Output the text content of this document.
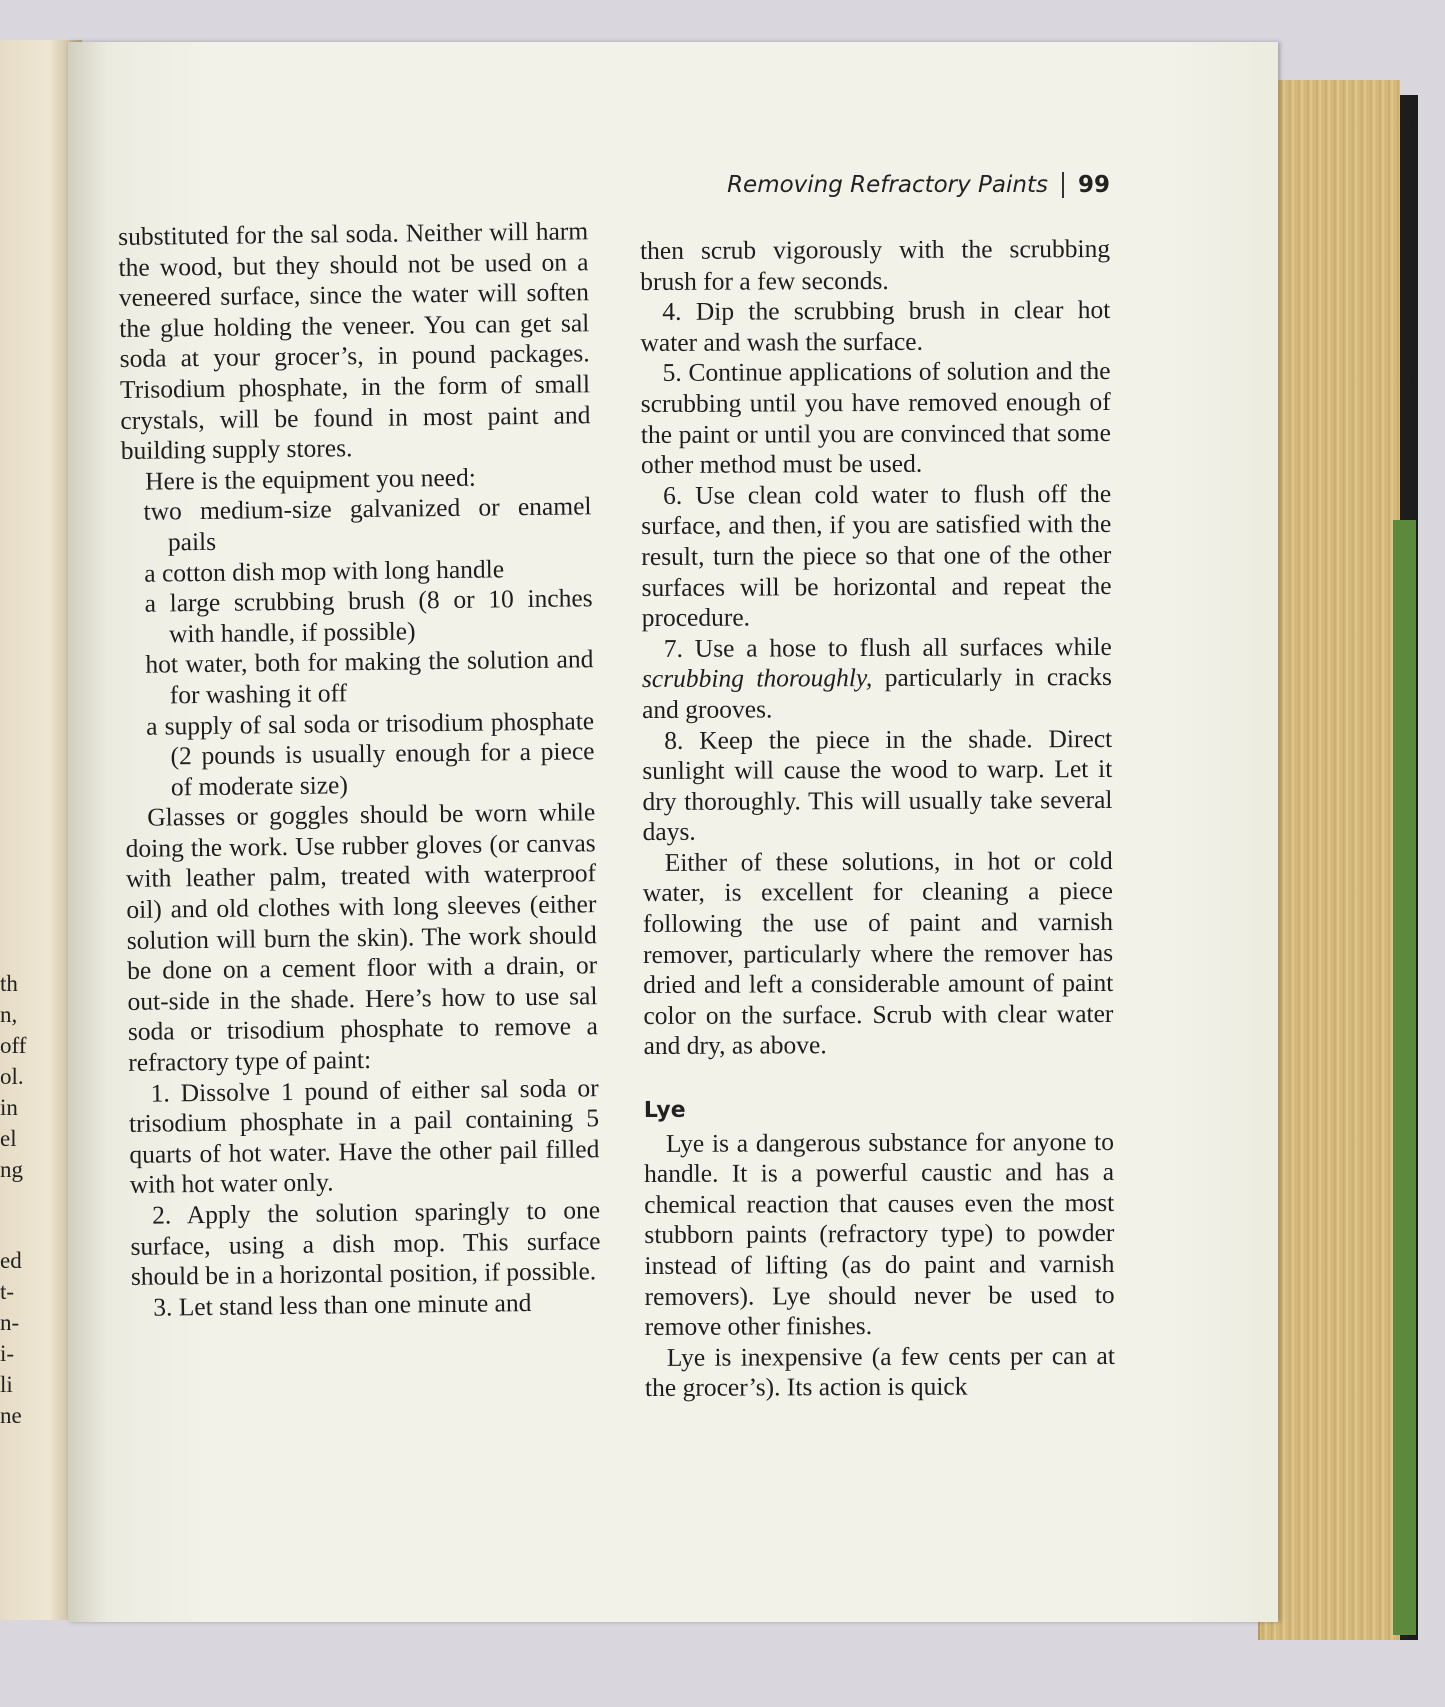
th
n,
off
ol.
in
el
ng
ed
t-
n-
i-
li
ne
Removing Refractory Paints 99

substituted for the sal soda. Neither will harm the wood, but they should not be used on a veneered surface, since the water will soften the glue holding the veneer. You can get sal soda at your grocer’s, in pound packages. Trisodium phosphate, in the form of small crystals, will be found in most paint and building supply stores.

Here is the equipment you need:

two medium-size galvanized or enamel pails

a cotton dish mop with long handle

a large scrubbing brush (8 or 10 inches with handle, if possible)

hot water, both for making the solution and for washing it off

a supply of sal soda or trisodium phosphate (2 pounds is usually enough for a piece of moderate size)

Glasses or goggles should be worn while doing the work. Use rubber gloves (or canvas with leather palm, treated with waterproof oil) and old clothes with long sleeves (either solution will burn the skin). The work should be done on a cement floor with a drain, or out-side in the shade. Here’s how to use sal soda or trisodium phosphate to remove a refractory type of paint:

1. Dissolve 1 pound of either sal soda or trisodium phosphate in a pail containing 5 quarts of hot water. Have the other pail filled with hot water only.

2. Apply the solution sparingly to one surface, using a dish mop. This surface should be in a horizontal position, if possible.

3. Let stand less than one minute and

then scrub vigorously with the scrubbing brush for a few seconds.

4. Dip the scrubbing brush in clear hot water and wash the surface.

5. Continue applications of solution and the scrubbing until you have removed enough of the paint or until you are convinced that some other method must be used.

6. Use clean cold water to flush off the surface, and then, if you are satisfied with the result, turn the piece so that one of the other surfaces will be horizontal and repeat the procedure.

7. Use a hose to flush all surfaces while scrubbing thoroughly, particularly in cracks and grooves.

8. Keep the piece in the shade. Direct sunlight will cause the wood to warp. Let it dry thoroughly. This will usually take several days.

Either of these solutions, in hot or cold water, is excellent for cleaning a piece following the use of paint and varnish remover, particularly where the remover has dried and left a considerable amount of paint color on the surface. Scrub with clear water and dry, as above.

Lye

Lye is a dangerous substance for anyone to handle. It is a powerful caustic and has a chemical reaction that causes even the most stubborn paints (refractory type) to powder instead of lifting (as do paint and varnish removers). Lye should never be used to remove other finishes.

Lye is inexpensive (a few cents per can at the grocer’s). Its action is quick
